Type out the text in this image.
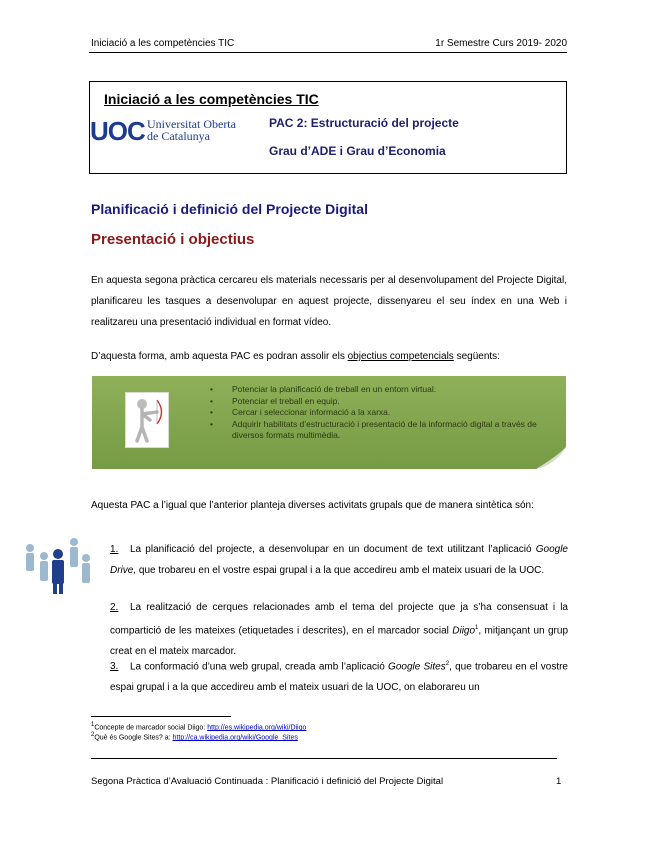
Iniciació a les competències TIC	1r Semestre Curs 2019- 2020
Iniciació a les competències TIC
UOC Universitat Oberta
de Catalunya
PAC 2: Estructuració del projecte
Grau d’ADE i Grau d’Economia
Planificació i definició del Projecte Digital
Presentació i objectius
En aquesta segona pràctica cercareu els materials necessaris per al desenvolupament del Projecte Digital, planificareu les tasques a desenvolupar en aquest projecte, dissenyareu el seu índex en una Web i realitzareu una presentació individual en format vídeo.
D’aquesta forma, amb aquesta PAC es podran assolir els objectius competencials següents:
• Potenciar la planificació de treball en un entorn virtual.
• Potenciar el treball en equip.
• Cercar i seleccionar informació a la xarxa.
• Adquirir habilitats d’estructuració i presentació de la informació digital a través de diversos formats multimèdia.
Aquesta PAC a l’igual que l’anterior planteja diverses activitats grupals que de manera sintètica són:
1. La planificació del projecte, a desenvolupar en un document de text utilitzant l’aplicació Google Drive, que trobareu en el vostre espai grupal i a la que accedireu amb el mateix usuari de la UOC.
2. La realització de cerques relacionades amb el tema del projecte que ja s’ha consensuat i la compartició de les mateixes (etiquetades i descrites), en el marcador social Diigo$^1$, mitjançant un grup creat en el mateix marcador.
3. La conformació d’una web grupal, creada amb l’aplicació Google Sites$^2$, que trobareu en el vostre espai grupal i a la que accedireu amb el mateix usuari de la UOC, on elaborareu un
$^1$Concepte de marcador social Diigo: http://es.wikipedia.org/wiki/Diigo
$^2$Què és Google Sites? a: http://ca.wikipedia.org/wiki/Google_Sites
Segona Pràctica d’Avaluació Continuada : Planificació i definició del Projecte Digital	1
